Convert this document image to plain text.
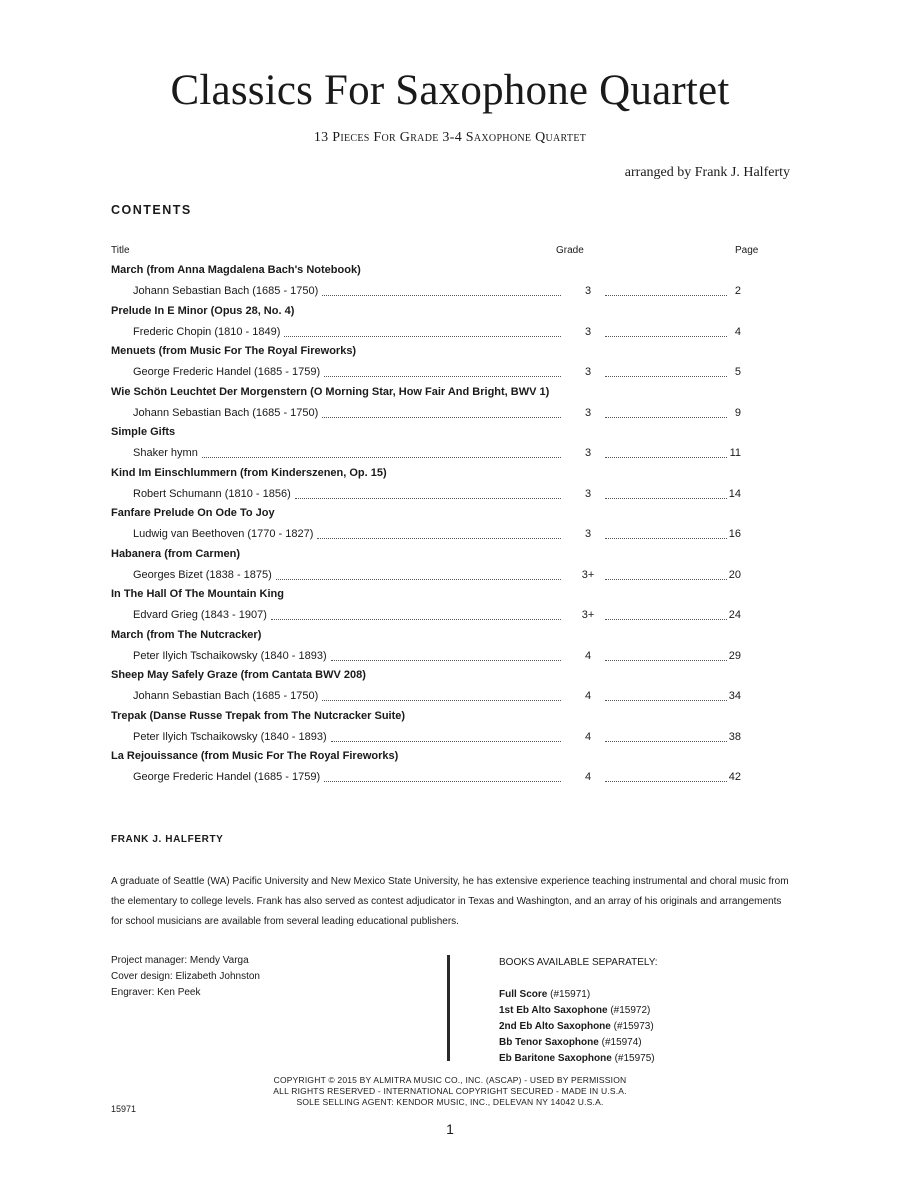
Classics For Saxophone Quartet
13 Pieces For Grade 3-4 Saxophone Quartet
arranged by Frank J. Halferty
CONTENTS
Title	Grade	Page
March (from Anna Magdalena Bach's Notebook)
Johann Sebastian Bach (1685 - 1750)	3	2
Prelude In E Minor (Opus 28, No. 4)
Frederic Chopin (1810 - 1849)	3	4
Menuets (from Music For The Royal Fireworks)
George Frederic Handel (1685 - 1759)	3	5
Wie Schön Leuchtet Der Morgenstern (O Morning Star, How Fair And Bright, BWV 1)
Johann Sebastian Bach (1685 - 1750)	3	9
Simple Gifts
Shaker hymn	3	11
Kind Im Einschlummern (from Kinderszenen, Op. 15)
Robert Schumann (1810 - 1856)	3	14
Fanfare Prelude On Ode To Joy
Ludwig van Beethoven (1770 - 1827)	3	16
Habanera (from Carmen)
Georges Bizet (1838 - 1875)	3+	20
In The Hall Of The Mountain King
Edvard Grieg (1843 - 1907)	3+	24
March (from The Nutcracker)
Peter Ilyich Tschaikowsky (1840 - 1893)	4	29
Sheep May Safely Graze (from Cantata BWV 208)
Johann Sebastian Bach (1685 - 1750)	4	34
Trepak (Danse Russe Trepak from The Nutcracker Suite)
Peter Ilyich Tschaikowsky (1840 - 1893)	4	38
La Rejouissance (from Music For The Royal Fireworks)
George Frederic Handel (1685 - 1759)	4	42
FRANK J. HALFERTY
A graduate of Seattle (WA) Pacific University and New Mexico State University, he has extensive experience teaching instrumental and choral music from the elementary to college levels. Frank has also served as contest adjudicator in Texas and Washington, and an array of his originals and arrangements for school musicians are available from several leading educational publishers.
Project manager: Mendy Varga
Cover design: Elizabeth Johnston
Engraver: Ken Peek
BOOKS AVAILABLE SEPARATELY:
Full Score (#15971)
1st Eb Alto Saxophone (#15972)
2nd Eb Alto Saxophone (#15973)
Bb Tenor Saxophone (#15974)
Eb Baritone Saxophone (#15975)
COPYRIGHT © 2015 BY ALMITRA MUSIC CO., INC. (ASCAP) - USED BY PERMISSION
ALL RIGHTS RESERVED - INTERNATIONAL COPYRIGHT SECURED - MADE IN U.S.A.
SOLE SELLING AGENT: KENDOR MUSIC, INC., DELEVAN NY 14042 U.S.A.
15971
1
